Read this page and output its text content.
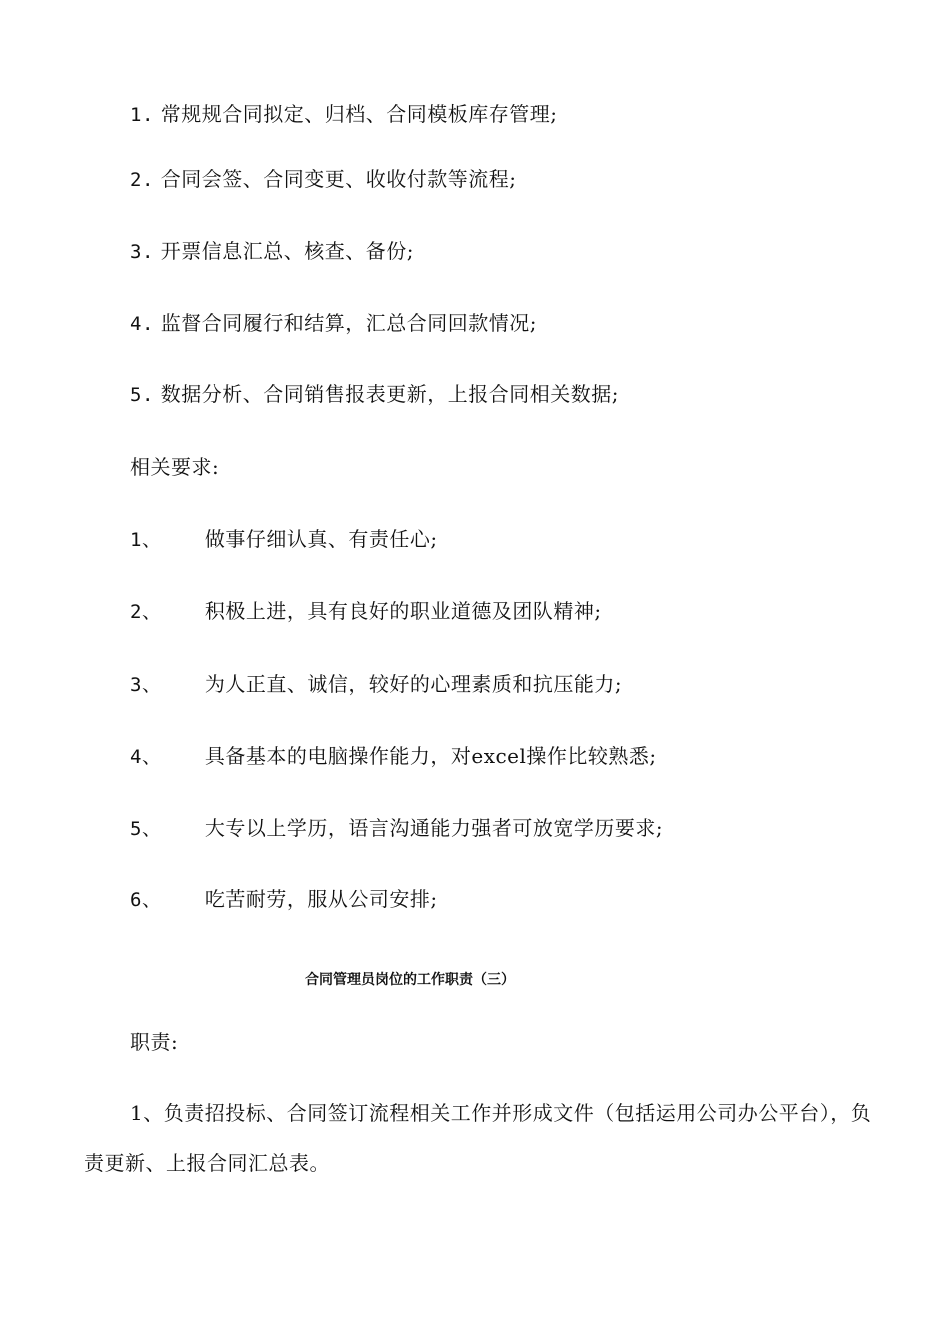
1. 常规规合同拟定、归档、合同模板库存管理;
2. 合同会签、合同变更、收收付款等流程;
3. 开票信息汇总、核查、备份;
4. 监督合同履行和结算，汇总合同回款情况;
5. 数据分析、合同销售报表更新，上报合同相关数据;
相关要求:
1、 做事仔细认真、有责任心;
2、 积极上进，具有良好的职业道德及团队精神;
3、 为人正直、诚信，较好的心理素质和抗压能力;
4、 具备基本的电脑操作能力，对excel操作比较熟悉;
5、 大专以上学历，语言沟通能力强者可放宽学历要求;
6、 吃苦耐劳，服从公司安排;
合同管理员岗位的工作职责（三）
职责:
1、负责招投标、合同签订流程相关工作并形成文件（包括运用公司办公平台），负责更新、上报合同汇总表。
